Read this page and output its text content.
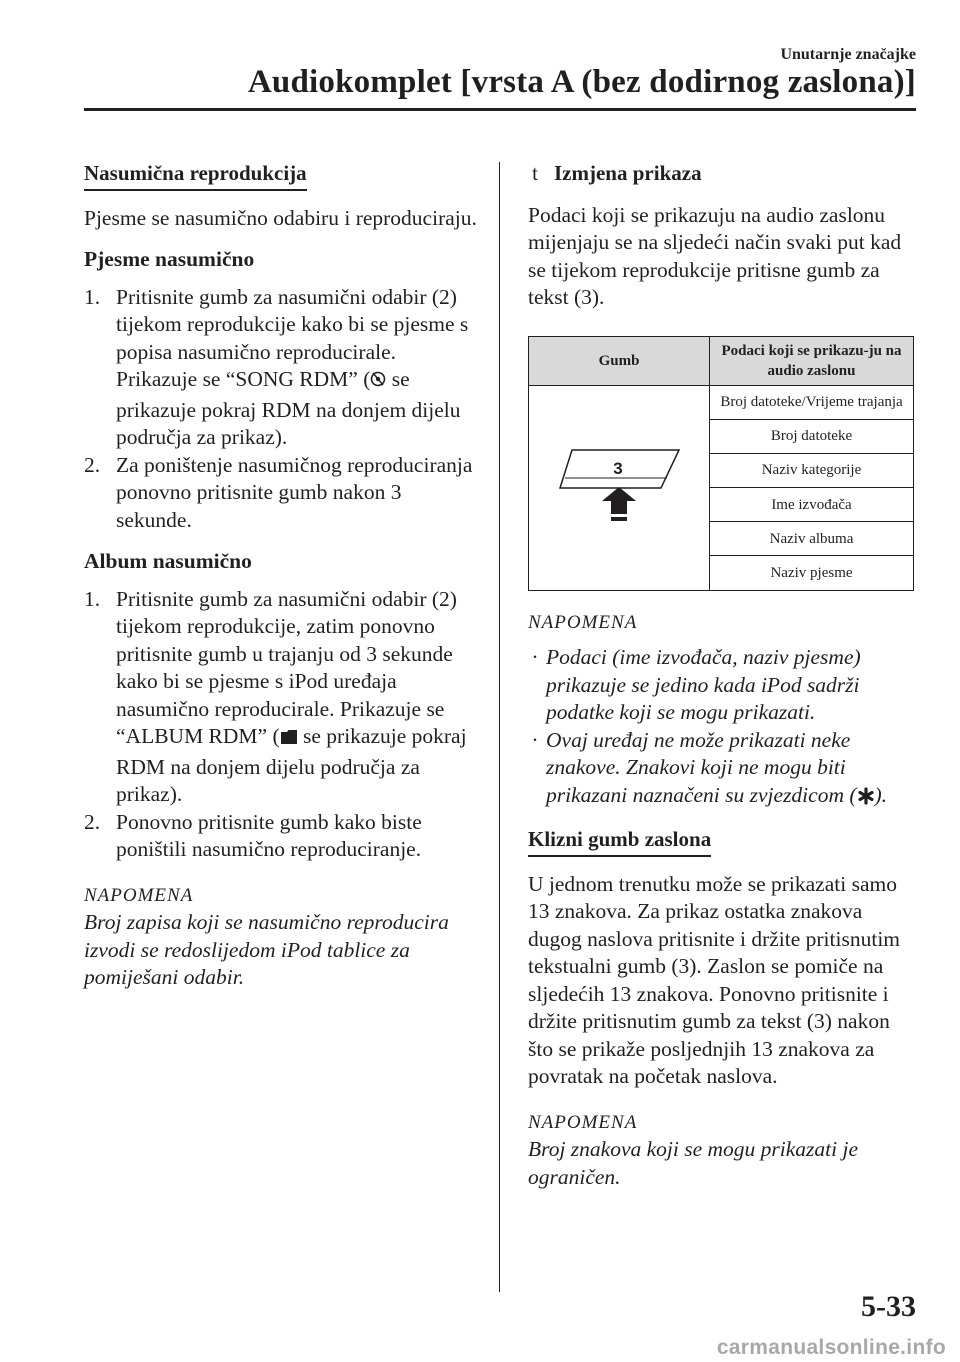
Unutarnje značajke
Audiokomplet [vrsta A (bez dodirnog zaslona)]
Nasumična reprodukcija

Pjesme se nasumično odabiru i reproduciraju.

Pjesme nasumično
1. Pritisnite gumb za nasumični odabir (2) tijekom reprodukcije kako bi se pjesme s popisa nasumično reproducirale. Prikazuje se “SONG RDM” ( se prikazuje pokraj RDM na donjem dijelu područja za prikaz).
2. Za poništenje nasumičnog reproduciranja ponovno pritisnite gumb nakon 3 sekunde.
Album nasumično
1. Pritisnite gumb za nasumični odabir (2) tijekom reprodukcije, zatim ponovno pritisnite gumb u trajanju od 3 sekunde kako bi se pjesme s iPod uređaja nasumično reproducirale. Prikazuje se “ALBUM RDM” ( se prikazuje pokraj RDM na donjem dijelu područja za prikaz).
2. Ponovno pritisnite gumb kako biste poništili nasumično reproduciranje.
NAPOMENA

Broj zapisa koji se nasumično reproducira izvodi se redoslijedom iPod tablice za pomiješani odabir.

t Izmjena prikaza

Podaci koji se prikazuju na audio zaslonu mijenjaju se na sljedeći način svaki put kad se tijekom reprodukcije pritisne gumb za tekst (3).

Gumb	Podaci koji se prikazu-ju na audio zaslonu

3	Broj datoteke/Vrijeme trajanja
	Broj datoteke
	Naziv kategorije
	Ime izvođača
	Naziv albuma
	Naziv pjesme
NAPOMENA
· Podaci (ime izvođača, naziv pjesme) prikazuje se jedino kada iPod sadrži podatke koji se mogu prikazati.
· Ovaj uređaj ne može prikazati neke znakove. Znakovi koji ne mogu biti prikazani naznačeni su zvjezdicom ( ).
Klizni gumb zaslona

U jednom trenutku može se prikazati samo 13 znakova. Za prikaz ostatka znakova dugog naslova pritisnite i držite pritisnutim tekstualni gumb (3). Zaslon se pomiče na sljedećih 13 znakova. Ponovno pritisnite i držite pritisnutim gumb za tekst (3) nakon što se prikaže posljednjih 13 znakova za povratak na početak naslova.

NAPOMENA

Broj znakova koji se mogu prikazati je ograničen.

5-33
carmanualsonline.info
